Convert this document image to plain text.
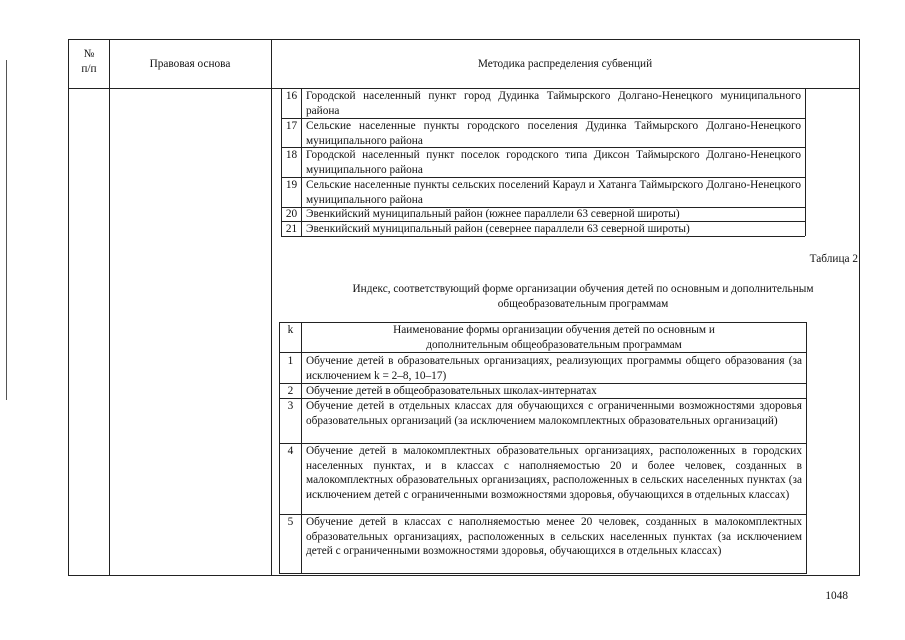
№
п/п	Правовая основа	Методика распределения субвенций
16 Городской населенный пункт город Дудинка Таймырского Долгано-Ненецкого муниципального района
17 Сельские населенные пункты городского поселения Дудинка Таймырского Долгано-Ненецкого муниципального района
18 Городской населенный пункт поселок городского типа Диксон Таймырского Долгано-Ненецкого муниципального района
19 Сельские населенные пункты сельских поселений Караул и Хатанга Таймырского Долгано-Ненецкого муниципального района
20 Эвенкийский муниципальный район (южнее параллели 63 северной широты)
21 Эвенкийский муниципальный район (севернее параллели 63 северной широты)
Таблица 2
Индекс, соответствующий форме организации обучения детей по основным и дополнительным общеобразовательным программам
k	Наименование формы организации обучения детей по основным и дополнительным общеобразовательным программам
1	Обучение детей в образовательных организациях, реализующих программы общего образования (за исключением k = 2–8, 10–17)
2	Обучение детей в общеобразовательных школах-интернатах
3	Обучение детей в отдельных классах для обучающихся с ограниченными возможностями здоровья образовательных организаций (за исключением малокомплектных образовательных организаций)
4	Обучение детей в малокомплектных образовательных организациях, расположенных в городских населенных пунктах, и в классах с наполняемостью 20 и более человек, созданных в малокомплектных образовательных организациях, расположенных в сельских населенных пунктах (за исключением детей с ограниченными возможностями здоровья, обучающихся в отдельных классах)
5	Обучение детей в классах с наполняемостью менее 20 человек, созданных в малокомплектных образовательных организациях, расположенных в сельских населенных пунктах (за исключением детей с ограниченными возможностями здоровья, обучающихся в отдельных классах)
1048
